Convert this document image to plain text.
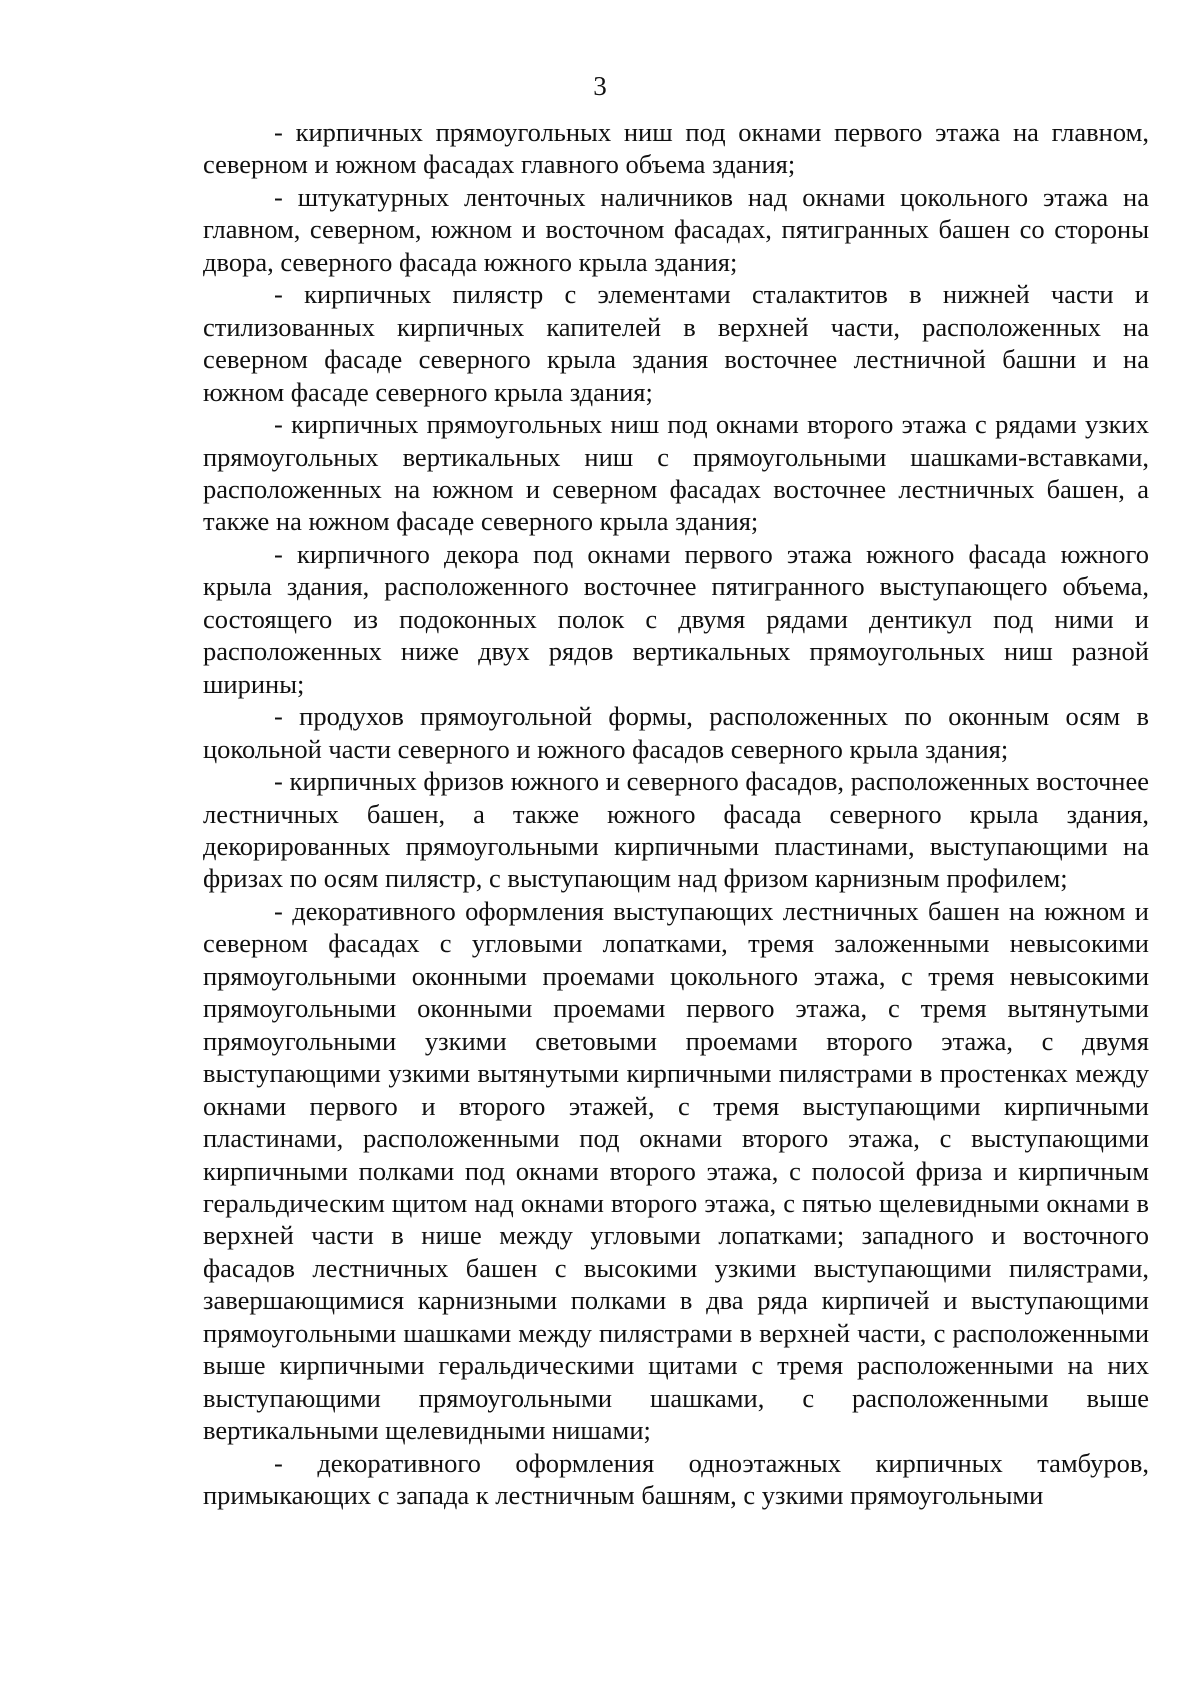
3

- кирпичных прямоугольных ниш под окнами первого этажа на главном, северном и южном фасадах главного объема здания;

- штукатурных ленточных наличников над окнами цокольного этажа на главном, северном, южном и восточном фасадах, пятигранных башен со стороны двора, северного фасада южного крыла здания;

- кирпичных пилястр с элементами сталактитов в нижней части и стилизованных кирпичных капителей в верхней части, расположенных на северном фасаде северного крыла здания восточнее лестничной башни и на южном фасаде северного крыла здания;

- кирпичных прямоугольных ниш под окнами второго этажа с рядами узких прямоугольных вертикальных ниш с прямоугольными шашками-вставками, расположенных на южном и северном фасадах восточнее лестничных башен, а также на южном фасаде северного крыла здания;

- кирпичного декора под окнами первого этажа южного фасада южного крыла здания, расположенного восточнее пятигранного выступающего объема, состоящего из подоконных полок с двумя рядами дентикул под ними и расположенных ниже двух рядов вертикальных прямоугольных ниш разной ширины;

- продухов прямоугольной формы, расположенных по оконным осям в цокольной части северного и южного фасадов северного крыла здания;

- кирпичных фризов южного и северного фасадов, расположенных восточнее лестничных башен, а также южного фасада северного крыла здания, декорированных прямоугольными кирпичными пластинами, выступающими на фризах по осям пилястр, с выступающим над фризом карнизным профилем;

- декоративного оформления выступающих лестничных башен на южном и северном фасадах с угловыми лопатками, тремя заложенными невысокими прямоугольными оконными проемами цокольного этажа, с тремя невысокими прямоугольными оконными проемами первого этажа, с тремя вытянутыми прямоугольными узкими световыми проемами второго этажа, с двумя выступающими узкими вытянутыми кирпичными пилястрами в простенках между окнами первого и второго этажей, с тремя выступающими кирпичными пластинами, расположенными под окнами второго этажа, с выступающими кирпичными полками под окнами второго этажа, с полосой фриза и кирпичным геральдическим щитом над окнами второго этажа, с пятью щелевидными окнами в верхней части в нише между угловыми лопатками; западного и восточного фасадов лестничных башен с высокими узкими выступающими пилястрами, завершающимися карнизными полками в два ряда кирпичей и выступающими прямоугольными шашками между пилястрами в верхней части, с расположенными выше кирпичными геральдическими щитами с тремя расположенными на них выступающими прямоугольными шашками, с расположенными выше вертикальными щелевидными нишами;

- декоративного оформления одноэтажных кирпичных тамбуров, примыкающих с запада к лестничным башням, с узкими прямоугольными
